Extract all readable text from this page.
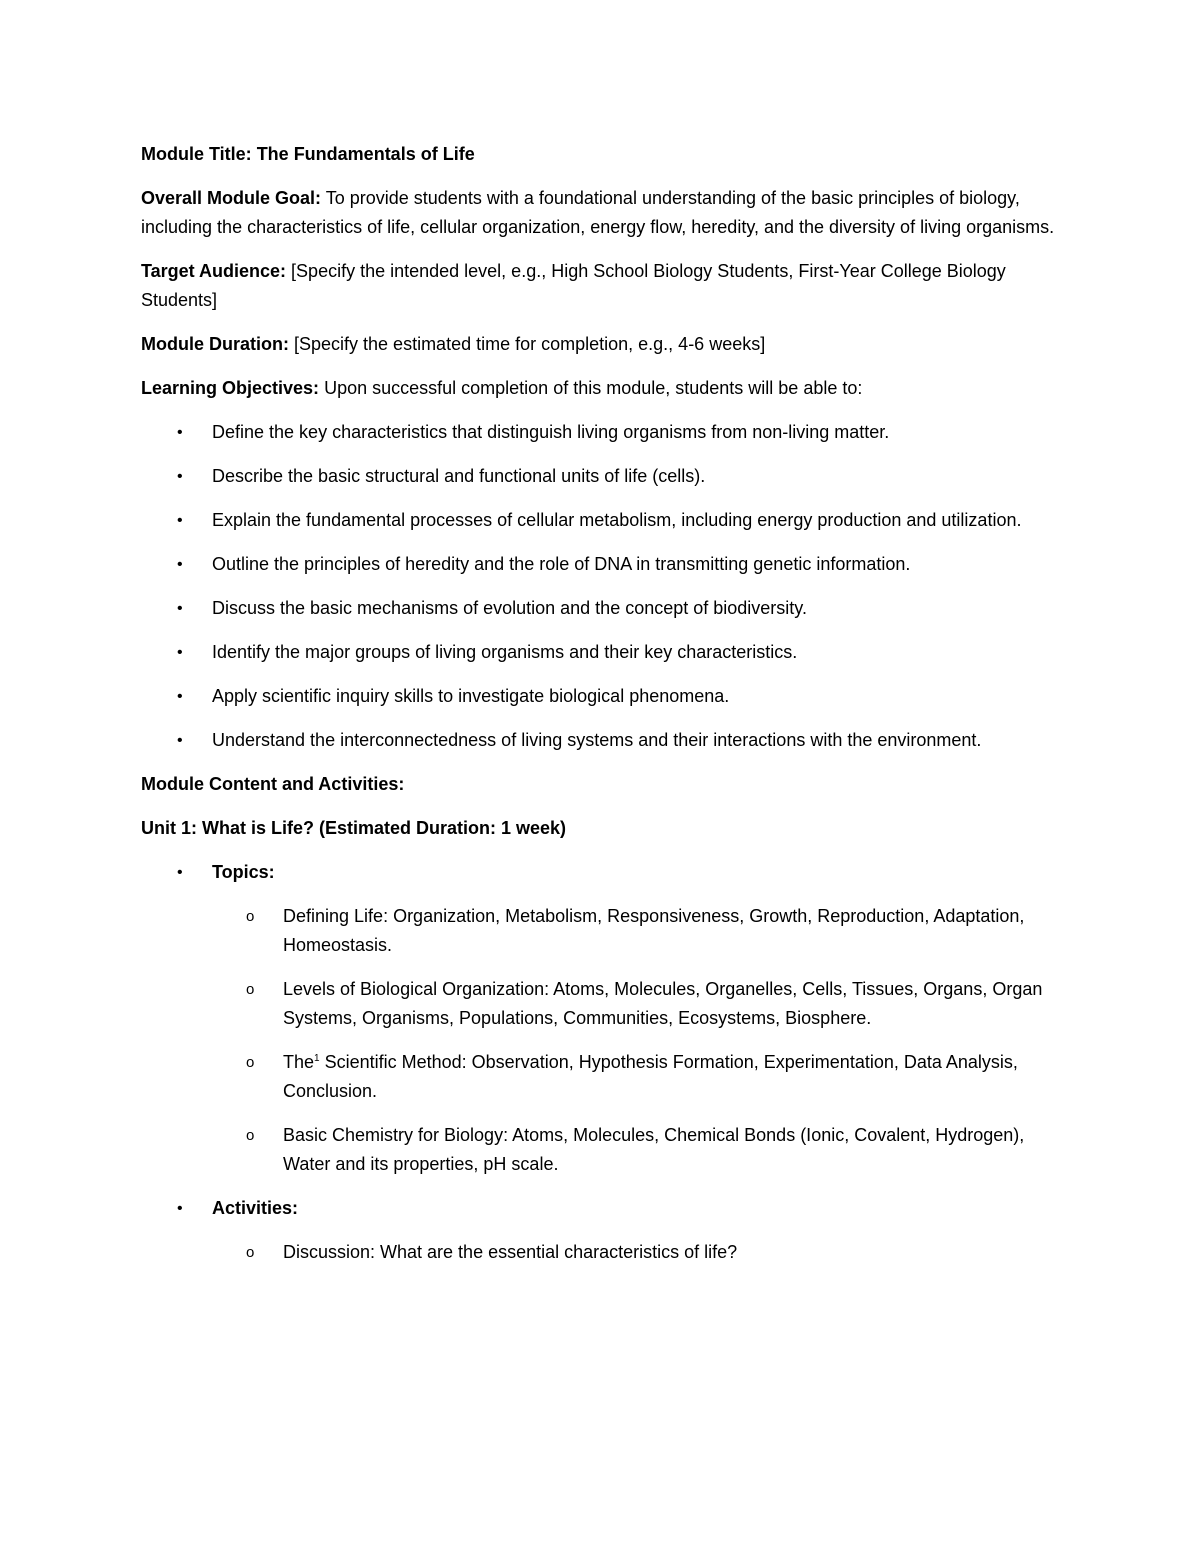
Module Title: The Fundamentals of Life

Overall Module Goal: To provide students with a foundational understanding of the basic principles of biology, including the characteristics of life, cellular organization, energy flow, heredity, and the diversity of living organisms.

Target Audience: [Specify the intended level, e.g., High School Biology Students, First-Year College Biology Students]

Module Duration: [Specify the estimated time for completion, e.g., 4-6 weeks]

Learning Objectives: Upon successful completion of this module, students will be able to:

• Define the key characteristics that distinguish living organisms from non-living matter.
• Describe the basic structural and functional units of life (cells).
• Explain the fundamental processes of cellular metabolism, including energy production and utilization.
• Outline the principles of heredity and the role of DNA in transmitting genetic information.
• Discuss the basic mechanisms of evolution and the concept of biodiversity.
• Identify the major groups of living organisms and their key characteristics.
• Apply scientific inquiry skills to investigate biological phenomena.
• Understand the interconnectedness of living systems and their interactions with the environment.

Module Content and Activities:

Unit 1: What is Life? (Estimated Duration: 1 week)

• Topics:
o Defining Life: Organization, Metabolism, Responsiveness, Growth, Reproduction, Adaptation, Homeostasis.
o Levels of Biological Organization: Atoms, Molecules, Organelles, Cells, Tissues, Organs, Organ Systems, Organisms, Populations, Communities, Ecosystems, Biosphere.
o The$^1$ Scientific Method: Observation, Hypothesis Formation, Experimentation, Data Analysis, Conclusion.
o Basic Chemistry for Biology: Atoms, Molecules, Chemical Bonds (Ionic, Covalent, Hydrogen), Water and its properties, pH scale.
• Activities:
o Discussion: What are the essential characteristics of life?
